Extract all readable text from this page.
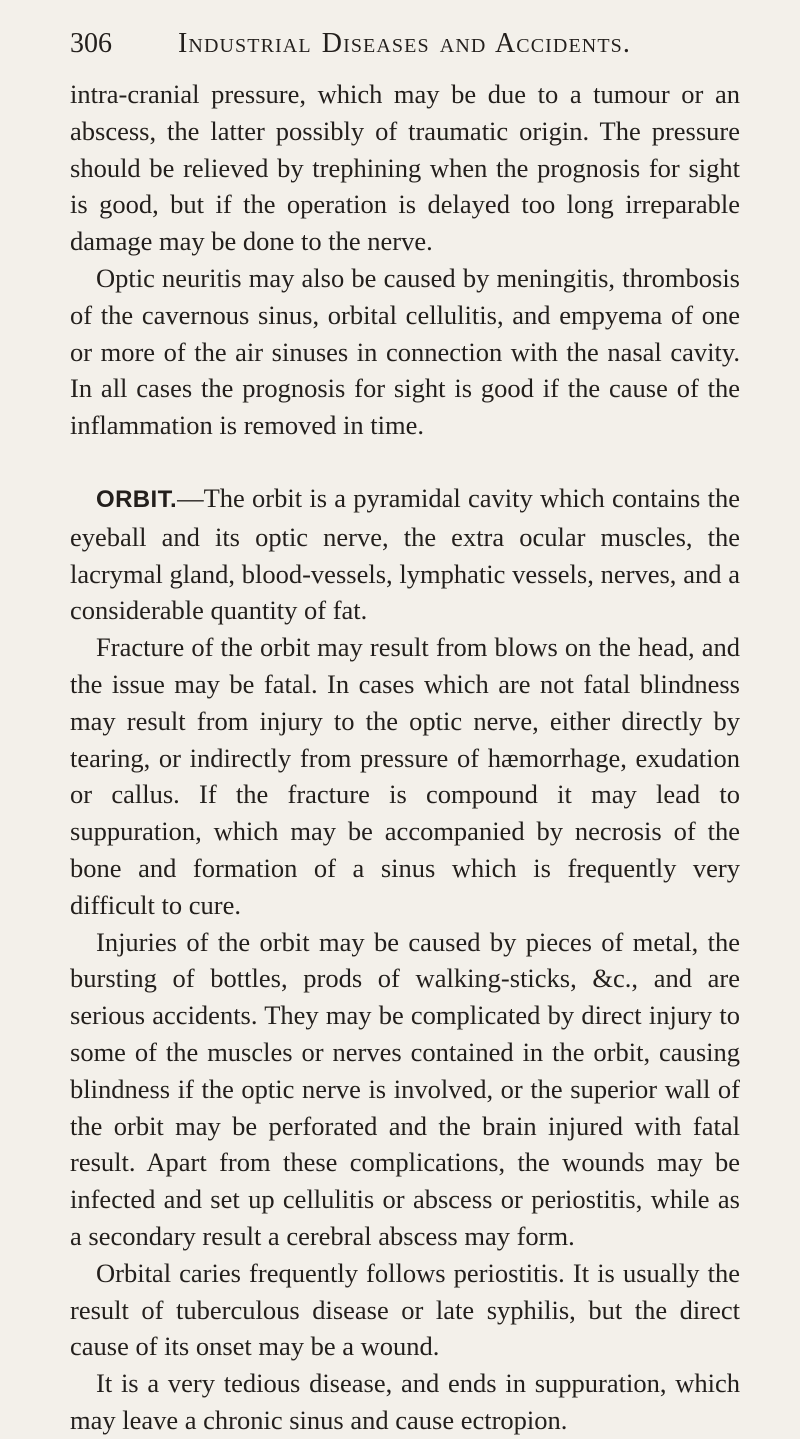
306 Industrial Diseases and Accidents.

intra-cranial pressure, which may be due to a tumour or an abscess, the latter possibly of traumatic origin. The pressure should be relieved by trephining when the prognosis for sight is good, but if the operation is delayed too long irreparable damage may be done to the nerve.

Optic neuritis may also be caused by meningitis, thrombosis of the cavernous sinus, orbital cellulitis, and empyema of one or more of the air sinuses in connection with the nasal cavity. In all cases the prognosis for sight is good if the cause of the inflammation is removed in time.

ORBIT.—The orbit is a pyramidal cavity which contains the eyeball and its optic nerve, the extra ocular muscles, the lacrymal gland, blood-vessels, lymphatic vessels, nerves, and a considerable quantity of fat.

Fracture of the orbit may result from blows on the head, and the issue may be fatal. In cases which are not fatal blindness may result from injury to the optic nerve, either directly by tearing, or indirectly from pressure of hæmorrhage, exudation or callus. If the fracture is compound it may lead to suppuration, which may be accompanied by necrosis of the bone and formation of a sinus which is frequently very difficult to cure.

Injuries of the orbit may be caused by pieces of metal, the bursting of bottles, prods of walking-sticks, &c., and are serious accidents. They may be complicated by direct injury to some of the muscles or nerves contained in the orbit, causing blindness if the optic nerve is involved, or the superior wall of the orbit may be perforated and the brain injured with fatal result. Apart from these complications, the wounds may be infected and set up cellulitis or abscess or periostitis, while as a secondary result a cerebral abscess may form.

Orbital caries frequently follows periostitis. It is usually the result of tuberculous disease or late syphilis, but the direct cause of its onset may be a wound.

It is a very tedious disease, and ends in suppuration, which may leave a chronic sinus and cause ectropion.
